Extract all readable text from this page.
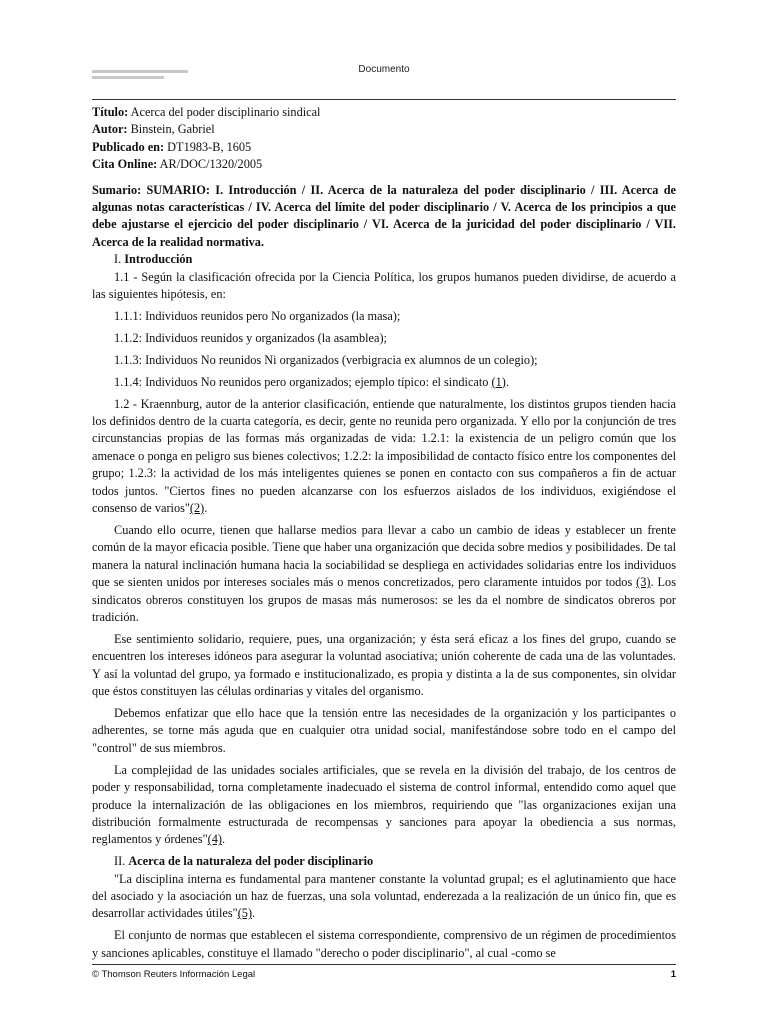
Documento
Título: Acerca del poder disciplinario sindical
Autor: Binstein, Gabriel
Publicado en: DT1983-B, 1605
Cita Online: AR/DOC/1320/2005
Sumario: SUMARIO: I. Introducción / II. Acerca de la naturaleza del poder disciplinario / III. Acerca de algunas notas características / IV. Acerca del límite del poder disciplinario / V. Acerca de los principios a que debe ajustarse el ejercicio del poder disciplinario / VI. Acerca de la juricidad del poder disciplinario / VII. Acerca de la realidad normativa.
I. Introducción

1.1 - Según la clasificación ofrecida por la Ciencia Política, los grupos humanos pueden dividirse, de acuerdo a las siguientes hipótesis, en:

1.1.1: Individuos reunidos pero No organizados (la masa);

1.1.2: Individuos reunidos y organizados (la asamblea);

1.1.3: Individuos No reunidos Ni organizados (verbigracia ex alumnos de un colegio);

1.1.4: Individuos No reunidos pero organizados; ejemplo típico: el sindicato (1).

1.2 - Kraennburg, autor de la anterior clasificación, entiende que naturalmente, los distintos grupos tienden hacia los definidos dentro de la cuarta categoría, es decir, gente no reunida pero organizada. Y ello por la conjunción de tres circunstancias propias de las formas más organizadas de vida: 1.2.1: la existencia de un peligro común que los amenace o ponga en peligro sus bienes colectivos; 1.2.2: la imposibilidad de contacto físico entre los componentes del grupo; 1.2.3: la actividad de los más inteligentes quienes se ponen en contacto con sus compañeros a fin de actuar todos juntos. "Ciertos fines no pueden alcanzarse con los esfuerzos aislados de los individuos, exigiéndose el consenso de varios"(2).

Cuando ello ocurre, tienen que hallarse medios para llevar a cabo un cambio de ideas y establecer un frente común de la mayor eficacia posible. Tiene que haber una organización que decida sobre medios y posibilidades. De tal manera la natural inclinación humana hacia la sociabilidad se despliega en actividades solidarias entre los individuos que se sienten unidos por intereses sociales más o menos concretizados, pero claramente intuidos por todos (3). Los sindicatos obreros constituyen los grupos de masas más numerosos: se les da el nombre de sindicatos obreros por tradición.

Ese sentimiento solidario, requiere, pues, una organización; y ésta será eficaz a los fines del grupo, cuando se encuentren los intereses idóneos para asegurar la voluntad asociativa; unión coherente de cada una de las voluntades. Y así la voluntad del grupo, ya formado e institucionalizado, es propia y distinta a la de sus componentes, sin olvidar que éstos constituyen las células ordinarias y vitales del organismo.

Debemos enfatizar que ello hace que la tensión entre las necesidades de la organización y los participantes o adherentes, se torne más aguda que en cualquier otra unidad social, manifestándose sobre todo en el campo del "control" de sus miembros.

La complejidad de las unidades sociales artificiales, que se revela en la división del trabajo, de los centros de poder y responsabilidad, torna completamente inadecuado el sistema de control informal, entendido como aquel que produce la internalización de las obligaciones en los miembros, requiriendo que "las organizaciones exijan una distribución formalmente estructurada de recompensas y sanciones para apoyar la obediencia a sus normas, reglamentos y órdenes"(4).

II. Acerca de la naturaleza del poder disciplinario

"La disciplina interna es fundamental para mantener constante la voluntad grupal; es el aglutinamiento que hace del asociado y la asociación un haz de fuerzas, una sola voluntad, enderezada a la realización de un único fin, que es desarrollar actividades útiles"(5).

El conjunto de normas que establecen el sistema correspondiente, comprensivo de un régimen de procedimientos y sanciones aplicables, constituye el llamado "derecho o poder disciplinario", al cual -como se

© Thomson Reuters Información Legal	1
